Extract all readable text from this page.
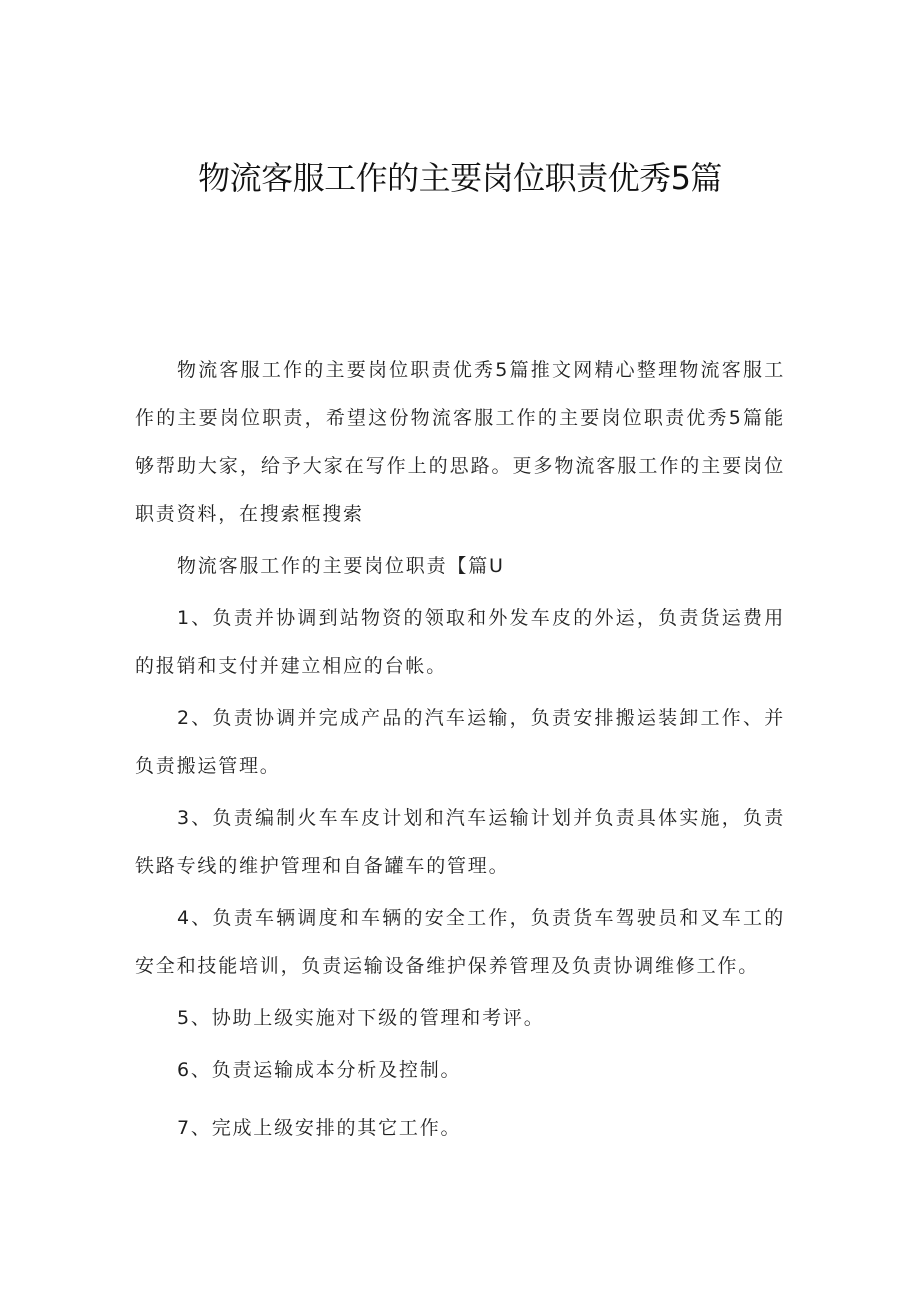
物流客服工作的主要岗位职责优秀5篇

物流客服工作的主要岗位职责优秀5篇推文网精心整理物流客服工作的主要岗位职责，希望这份物流客服工作的主要岗位职责优秀5篇能够帮助大家，给予大家在写作上的思路。更多物流客服工作的主要岗位职责资料，在搜索框搜索

物流客服工作的主要岗位职责【篇U

1、负责并协调到站物资的领取和外发车皮的外运，负责货运费用的报销和支付并建立相应的台帐。

2、负责协调并完成产品的汽车运输，负责安排搬运装卸工作、并负责搬运管理。

3、负责编制火车车皮计划和汽车运输计划并负责具体实施，负责铁路专线的维护管理和自备罐车的管理。

4、负责车辆调度和车辆的安全工作，负责货车驾驶员和叉车工的安全和技能培训，负责运输设备维护保养管理及负责协调维修工作。

5、协助上级实施对下级的管理和考评。

6、负责运输成本分析及控制。

7、完成上级安排的其它工作。
